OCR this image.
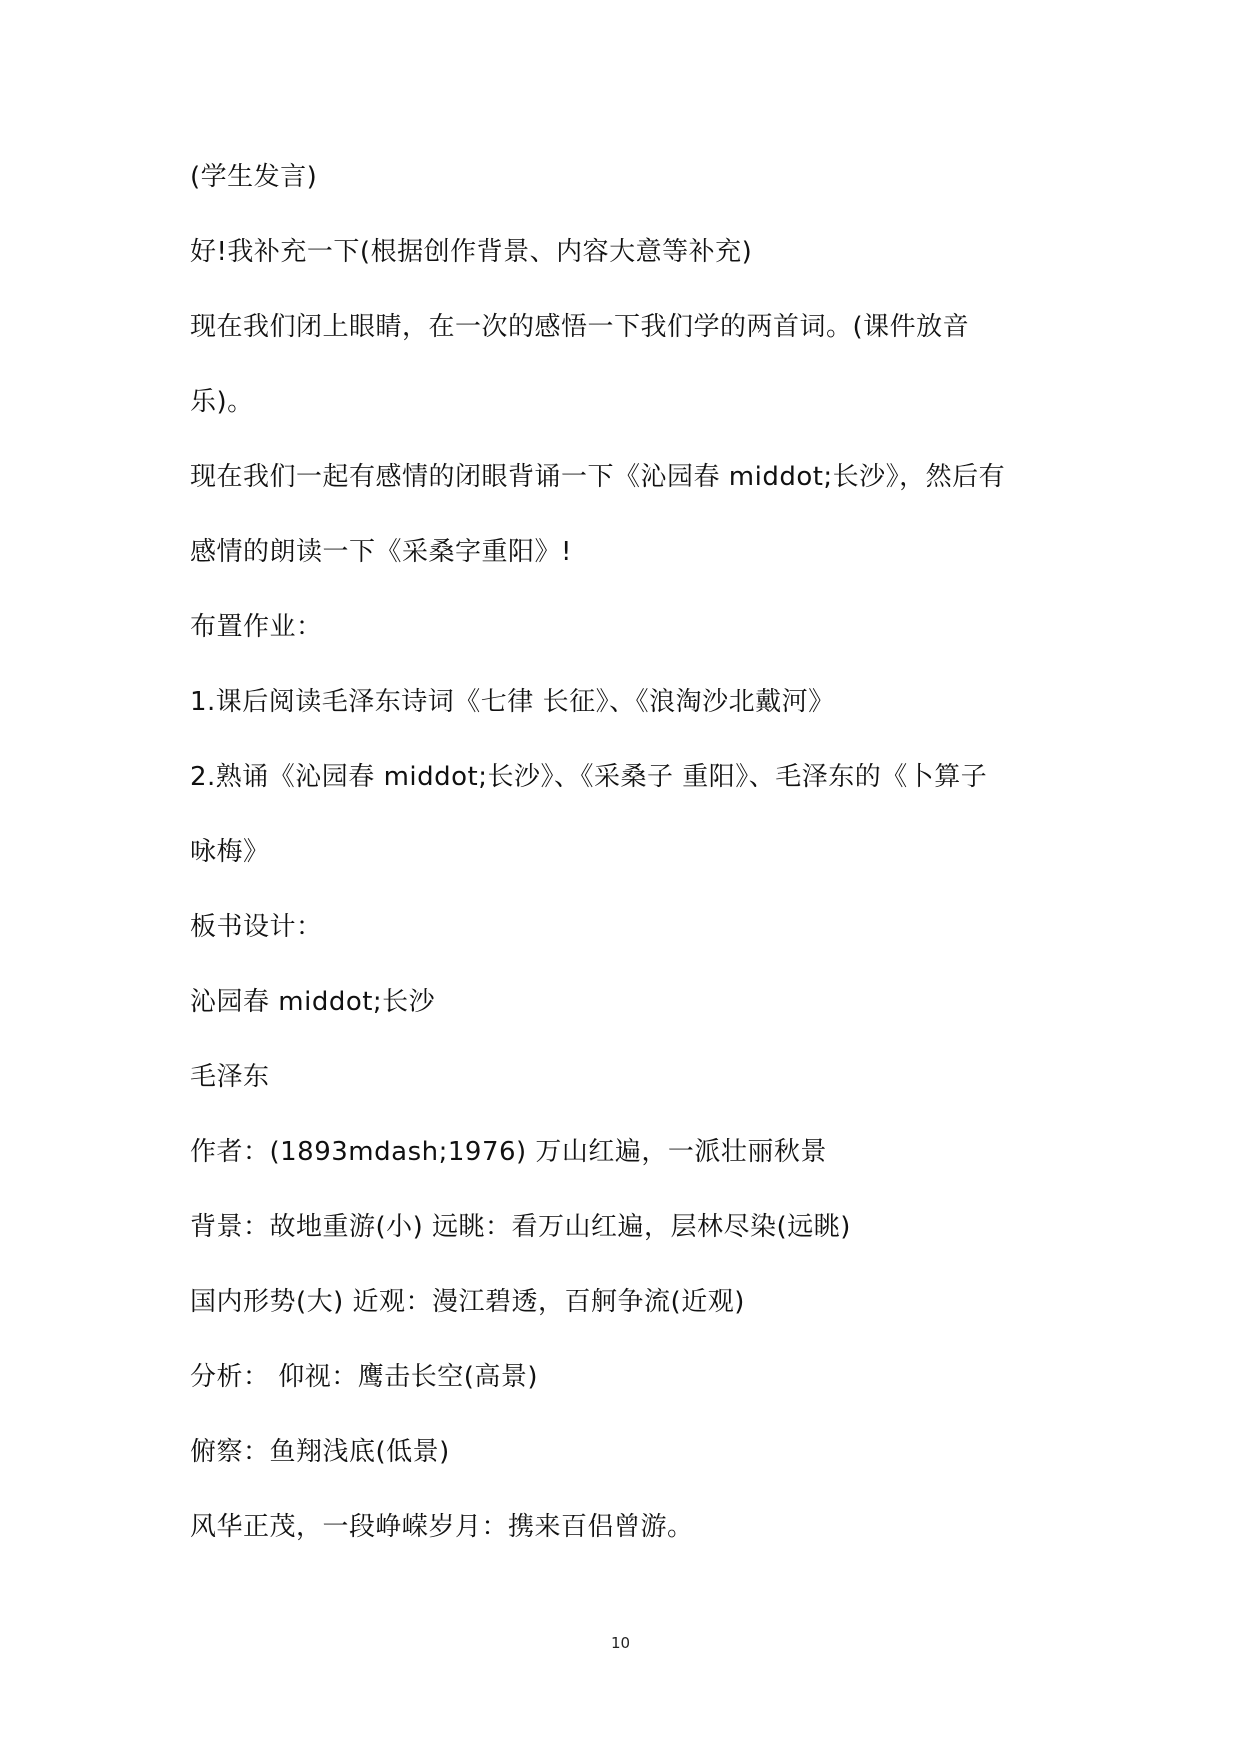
(学生发言)
好!我补充一下(根据创作背景、内容大意等补充)
现在我们闭上眼睛，在一次的感悟一下我们学的两首词。(课件放音
乐)。
现在我们一起有感情的闭眼背诵一下《沁园春 middot;长沙》，然后有
感情的朗读一下《采桑字重阳》!
布置作业：
1.课后阅读毛泽东诗词《七律 长征》、《浪淘沙北戴河》
2.熟诵《沁园春 middot;长沙》、《采桑子 重阳》、毛泽东的《卜算子
咏梅》
板书设计：
沁园春 middot;长沙
毛泽东
作者：(1893mdash;1976) 万山红遍，一派壮丽秋景
背景：故地重游(小) 远眺：看万山红遍，层林尽染(远眺)
国内形势(大) 近观：漫江碧透，百舸争流(近观)
分析： 仰视：鹰击长空(高景)
俯察：鱼翔浅底(低景)
风华正茂，一段峥嵘岁月：携来百侣曾游。
10
